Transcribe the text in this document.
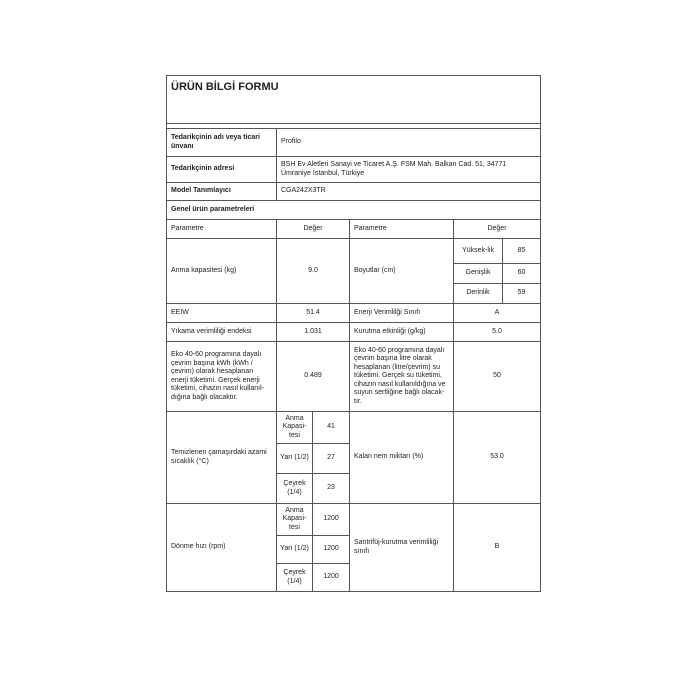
ÜRÜN BİLGİ FORMU					

Tedarikçinin adı veya ticari ünvanı	Profilo				
Tedarikçinin adresi	BSH Ev Aletleri Sanayi ve Ticaret A.Ş. FSM Mah. Balkan Cad. 51, 34771 Ümraniye İstanbul, Türkiye				
Model Tanımlayıcı	CGA242X3TR				
Genel ürün parametreleri					
Parametre	Değer		Parametre	Değer	
Anma kapasitesi (kg)	9.0		Boyutlar (cm)	Yüksek-lik	85
				Genişlik	60
				Derinlik	59
EEIW	51.4		Enerji Verimlilği Sınıfı	A	
Yıkama verimliliği endeksi	1.031		Kurutma etkinliği (g/kg)	5.0	
Eko 40-60 programına dayalı çevrim başına kWh (kWh / çevrim) olarak hesaplanan enerji tüketimi. Gerçek enerji tüketimi, cihazın nasıl kullanıl-dığına bağlı olacaktır.	0.489		Eko 40-60 programına dayalı çevrim başına litre olarak hesaplanan (litre/çevrim) su tüketimi. Gerçek su tüketimi, cihazın nasıl kullanıldığına ve suyun sertliğine bağlı olacak-tır.	50	
Temizlenen çamaşırdaki azami sıcaklık (°C)	Anma Kapasi-tesi	41	Kalan nem miktarı (%)	53.0	
	Yarı (1/2)	27			
	Çeyrek (1/4)	23			
Dönme hızı (rpm)	Anma Kapasi-tesi	1200	Santrifüj-kurutma verimliliği sınıfı	B	
	Yarı (1/2)	1200			
	Çeyrek (1/4)	1200			
